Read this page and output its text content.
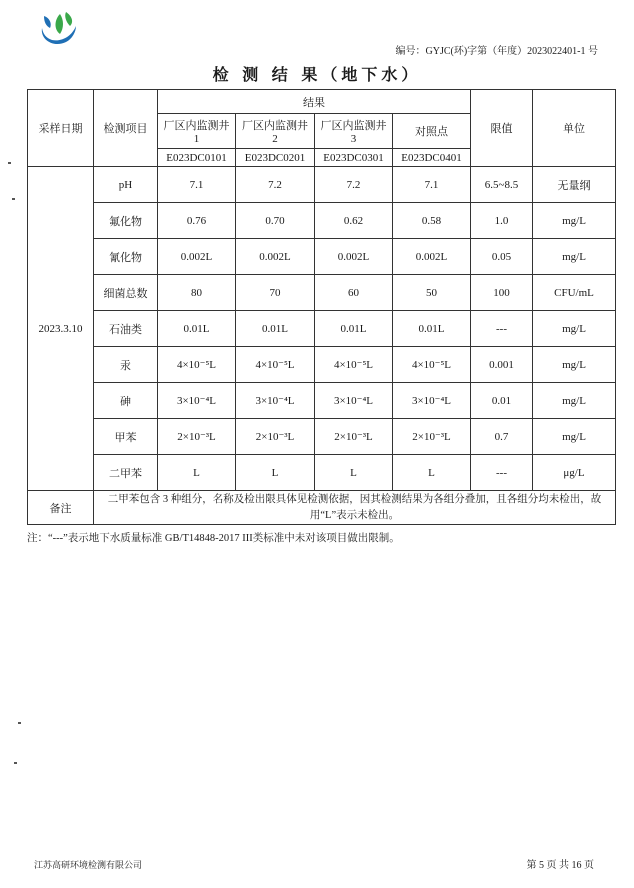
编号：GYJC(环)字第（年度）2023022401-1 号
检 测 结 果（地下水）
采样日期	检测项目	结果				限值	单位
		厂区内监测井 1	厂区内监测井 2	厂区内监测井 3	对照点		
		E023DC0101	E023DC0201	E023DC0301	E023DC0401		
2023.3.10	pH	7.1	7.2	7.2	7.1	6.5~8.5	无量纲
	氟化物	0.76	0.70	0.62	0.58	1.0	mg/L
	氰化物	0.002L	0.002L	0.002L	0.002L	0.05	mg/L
	细菌总数	80	70	60	50	100	CFU/mL
	石油类	0.01L	0.01L	0.01L	0.01L	---	mg/L
	汞	4×10⁻⁵L	4×10⁻⁵L	4×10⁻⁵L	4×10⁻⁵L	0.001	mg/L
	砷	3×10⁻⁴L	3×10⁻⁴L	3×10⁻⁴L	3×10⁻⁴L	0.01	mg/L
	甲苯	2×10⁻³L	2×10⁻³L	2×10⁻³L	2×10⁻³L	0.7	mg/L
	二甲苯	L	L	L	L	---	μg/L
备注	二甲苯包含 3 种组分，名称及检出限具体见检测依据，因其检测结果为各组分叠加，且各组分均未检出，故用“L”表示未检出。						
注：“---”表示地下水质量标准 GB/T14848-2017 III类标准中未对该项目做出限制。
江苏高研环境检测有限公司	第 5 页 共 16 页
